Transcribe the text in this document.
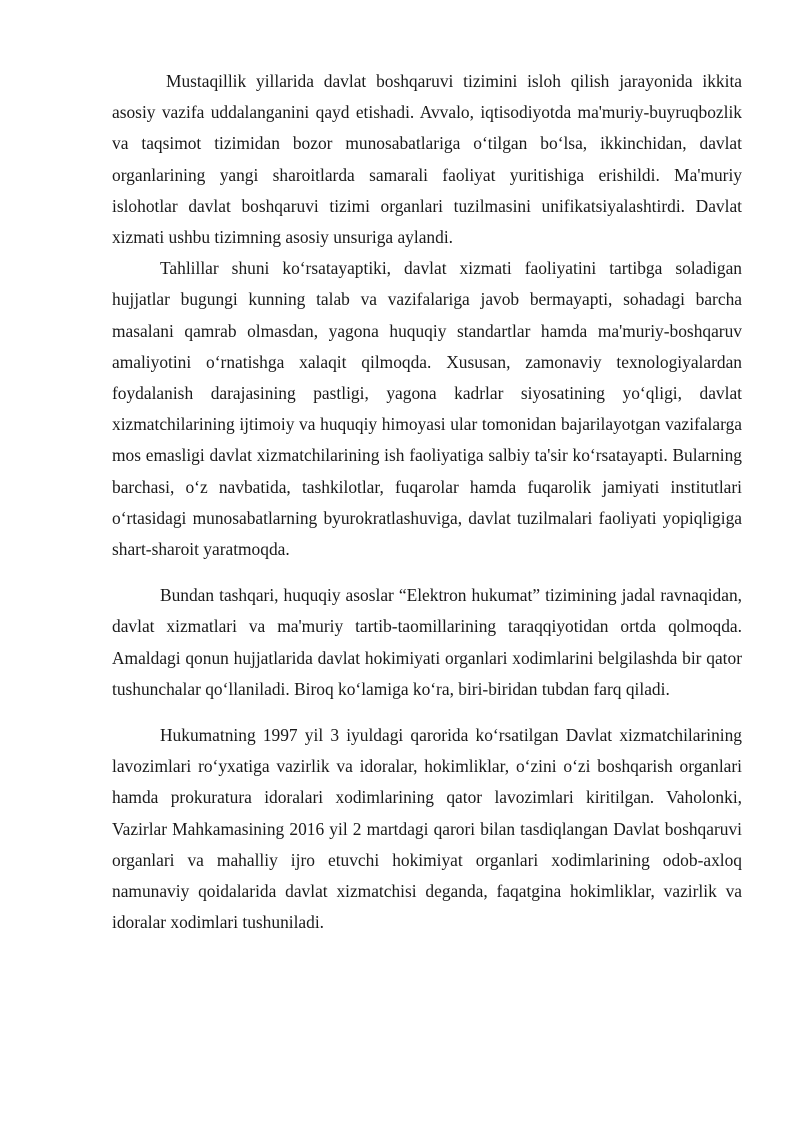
Mustaqillik yillarida davlat boshqaruvi tizimini isloh qilish jarayonida ikkita asosiy vazifa uddalanganini qayd etishadi. Avvalo, iqtisodiyotda ma'muriy-buyruqbozlik va taqsimot tizimidan bozor munosabatlariga o‘tilgan bo‘lsa, ikkinchidan, davlat organlarining yangi sharoitlarda samarali faoliyat yuritishiga erishildi. Ma'muriy islohotlar davlat boshqaruvi tizimi organlari tuzilmasini unifikatsiyalashtirdi. Davlat xizmati ushbu tizimning asosiy unsuriga aylandi.

Tahlillar shuni ko‘rsatayaptiki, davlat xizmati faoliyatini tartibga soladigan hujjatlar bugungi kunning talab va vazifalariga javob bermayapti, sohadagi barcha masalani qamrab olmasdan, yagona huquqiy standartlar hamda ma'muriy-boshqaruv amaliyotini o‘rnatishga xalaqit qilmoqda. Xususan, zamonaviy texnologiyalardan foydalanish darajasining pastligi, yagona kadrlar siyosatining yo‘qligi, davlat xizmatchilarining ijtimoiy va huquqiy himoyasi ular tomonidan bajarilayotgan vazifalarga mos emasligi davlat xizmatchilarining ish faoliyatiga salbiy ta'sir ko‘rsatayapti. Bularning barchasi, o‘z navbatida, tashkilotlar, fuqarolar hamda fuqarolik jamiyati institutlari o‘rtasidagi munosabatlarning byurokratlashuviga, davlat tuzilmalari faoliyati yopiqligiga shart-sharoit yaratmoqda.

Bundan tashqari, huquqiy asoslar “Elektron hukumat” tizimining jadal ravnaqidan, davlat xizmatlari va ma'muriy tartib-taomillarining taraqqiyotidan ortda qolmoqda. Amaldagi qonun hujjatlarida davlat hokimiyati organlari xodimlarini belgilashda bir qator tushunchalar qo‘llaniladi. Biroq ko‘lamiga ko‘ra, biri-biridan tubdan farq qiladi.

Hukumatning 1997 yil 3 iyuldagi qarorida ko‘rsatilgan Davlat xizmatchilarining lavozimlari ro‘yxatiga vazirlik va idoralar, hokimliklar, o‘zini o‘zi boshqarish organlari hamda prokuratura idoralari xodimlarining qator lavozimlari kiritilgan. Vaholonki, Vazirlar Mahkamasining 2016 yil 2 martdagi qarori bilan tasdiqlangan Davlat boshqaruvi organlari va mahalliy ijro etuvchi hokimiyat organlari xodimlarining odob-axloq namunaviy qoidalarida davlat xizmatchisi deganda, faqatgina hokimliklar, vazirlik va idoralar xodimlari tushuniladi.
